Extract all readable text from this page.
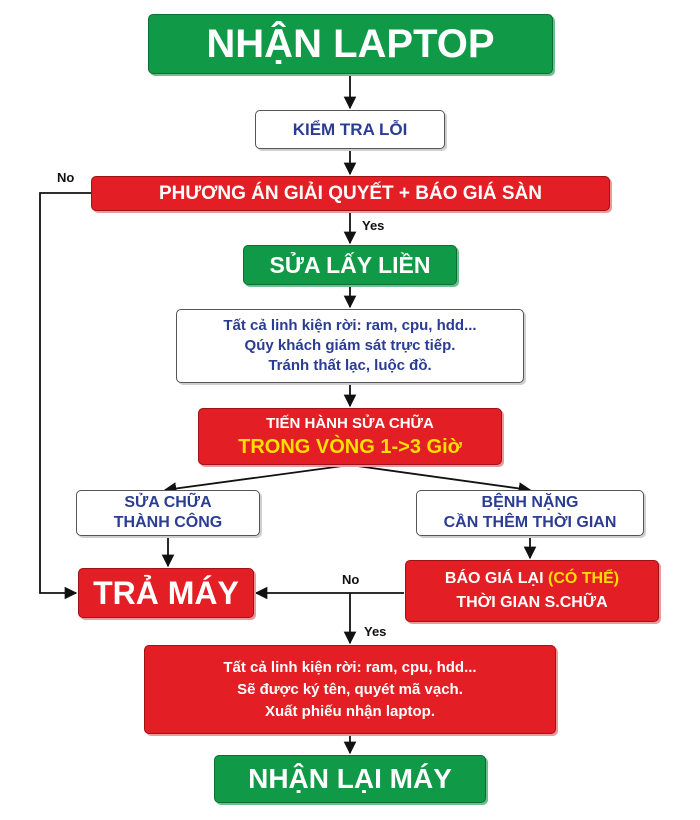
NHẬN LAPTOP
KIỂM TRA LỖI
PHƯƠNG ÁN GIẢI QUYẾT + BÁO GIÁ SÀN
SỬA LẤY LIỀN
Tất cả linh kiện rời: ram, cpu, hdd...
Qúy khách giám sát trực tiếp.
Tránh thất lạc, luộc đồ.
TIẾN HÀNH SỬA CHỮA
TRONG VÒNG 1->3 Giờ
SỬA CHỮA
THÀNH CÔNG
BỆNH NẶNG
CẦN THÊM THỜI GIAN
TRẢ MÁY	BÁO GIÁ LẠI (CÓ THỂ)
THỜI GIAN S.CHỮA
Tất cả linh kiện rời: ram, cpu, hdd...
Sẽ được ký tên, quyét mã vạch.
Xuất phiếu nhận laptop.
NHẬN LẠI MÁY
No
Yes
No
Yes
